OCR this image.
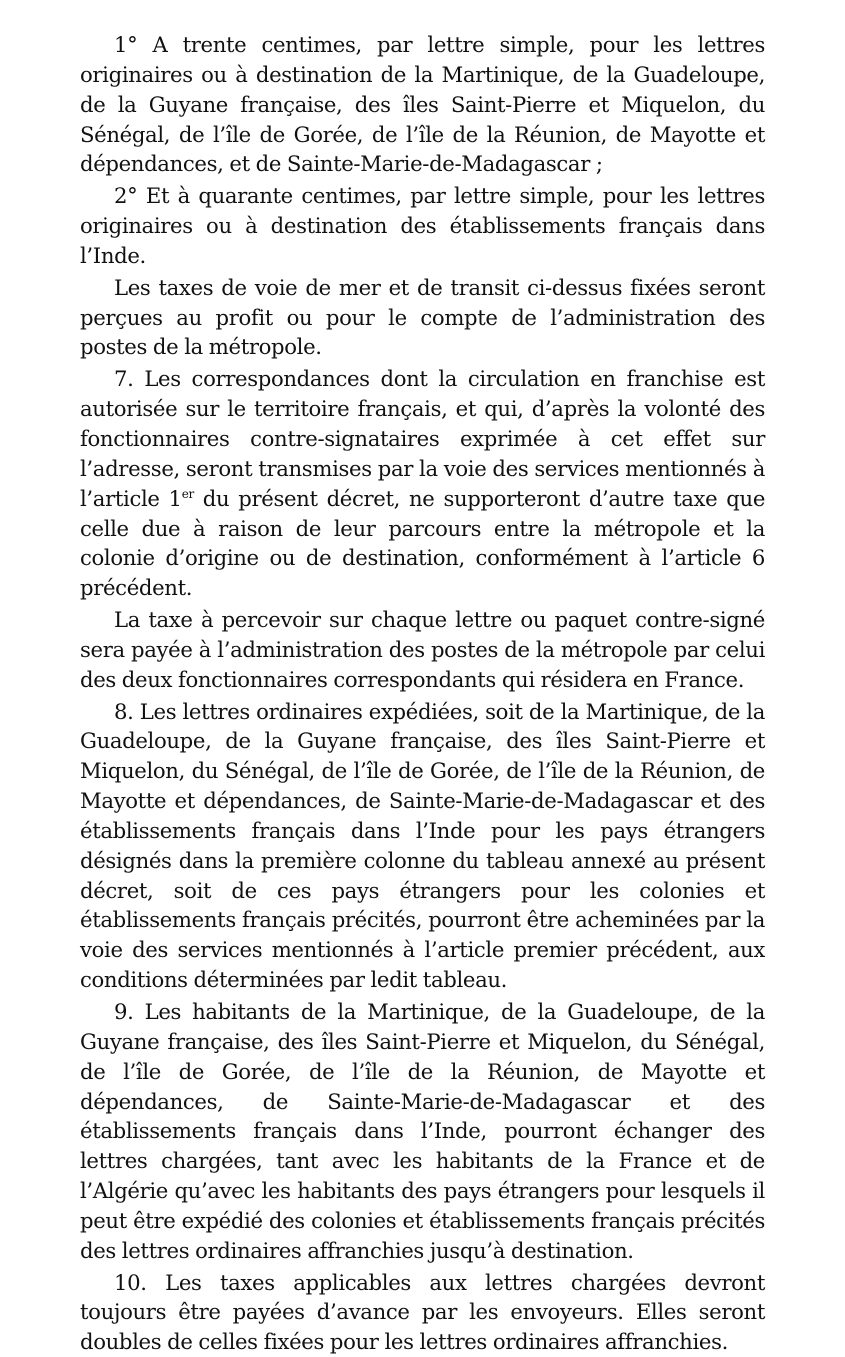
1° A trente centimes, par lettre simple, pour les lettres originaires ou à destination de la Martinique, de la Guadeloupe, de la Guyane française, des îles Saint-Pierre et Miquelon, du Sénégal, de l’île de Gorée, de l’île de la Réunion, de Mayotte et dépendances, et de Sainte-Marie-de-Madagascar ;

2° Et à quarante centimes, par lettre simple, pour les lettres originaires ou à destination des établissements français dans l’Inde.

Les taxes de voie de mer et de transit ci-dessus fixées seront perçues au profit ou pour le compte de l’administration des postes de la métropole.

7. Les correspondances dont la circulation en franchise est autorisée sur le territoire français, et qui, d’après la volonté des fonctionnaires contre-signataires exprimée à cet effet sur l’adresse, seront transmises par la voie des services mentionnés à l’article 1er du présent décret, ne supporteront d’autre taxe que celle due à raison de leur parcours entre la métropole et la colonie d’origine ou de destination, conformément à l’article 6 précédent.

La taxe à percevoir sur chaque lettre ou paquet contre-signé sera payée à l’administration des postes de la métropole par celui des deux fonctionnaires correspondants qui résidera en France.

8. Les lettres ordinaires expédiées, soit de la Martinique, de la Guadeloupe, de la Guyane française, des îles Saint-Pierre et Miquelon, du Sénégal, de l’île de Gorée, de l’île de la Réunion, de Mayotte et dépendances, de Sainte-Marie-de-Madagascar et des établissements français dans l’Inde pour les pays étrangers désignés dans la première colonne du tableau annexé au présent décret, soit de ces pays étrangers pour les colonies et établissements français précités, pourront être acheminées par la voie des services mentionnés à l’article premier précédent, aux conditions déterminées par ledit tableau.

9. Les habitants de la Martinique, de la Guadeloupe, de la Guyane française, des îles Saint-Pierre et Miquelon, du Sénégal, de l’île de Gorée, de l’île de la Réunion, de Mayotte et dépendances, de Sainte-Marie-de-Madagascar et des établissements français dans l’Inde, pourront échanger des lettres chargées, tant avec les habitants de la France et de l’Algérie qu’avec les habitants des pays étrangers pour lesquels il peut être expédié des colonies et établissements français précités des lettres ordinaires affranchies jusqu’à destination.

10. Les taxes applicables aux lettres chargées devront toujours être payées d’avance par les envoyeurs. Elles seront doubles de celles fixées pour les lettres ordinaires affranchies.
